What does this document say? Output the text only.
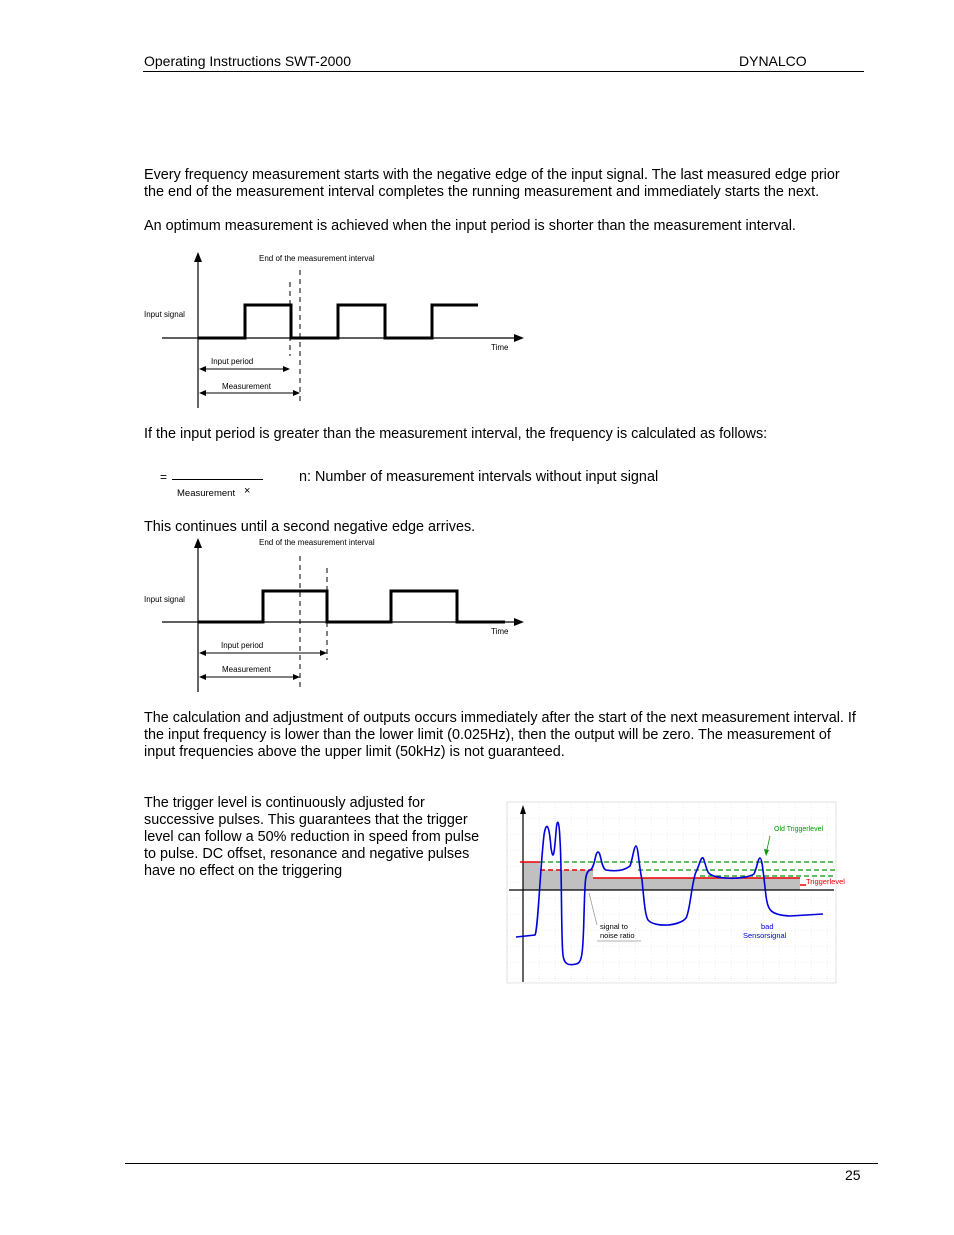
Operating Instructions SWT-2000	DYNALCO

Every frequency measurement starts with the negative edge of the input signal. The last measured edge prior the end of the measurement interval completes the running measurement and immediately starts the next.

An optimum measurement is achieved when the input period is shorter than the measurement interval.

End of the measurement interval
Input signal
Time
Input period
Measurement

If the input period is greater than the measurement interval, the frequency is calculated as follows:

=
Measurement ×
n: Number of measurement intervals without input signal

This continues until a second negative edge arrives.

End of the measurement interval
Input signal
Time
Input period
Measurement

The calculation and adjustment of outputs occurs immediately after the start of the next measurement interval. If the input frequency is lower than the lower limit (0.025Hz), then the output will be zero. The measurement of input frequencies above the upper limit (50kHz) is not guaranteed.

The trigger level is continuously adjusted for successive pulses. This guarantees that the trigger level can follow a 50% reduction in speed from pulse to pulse. DC offset, resonance and negative pulses have no effect on the triggering

Old Triggerlevel
Triggerlevel
signal to
noise ratio
bad
Sensorsignal
25
